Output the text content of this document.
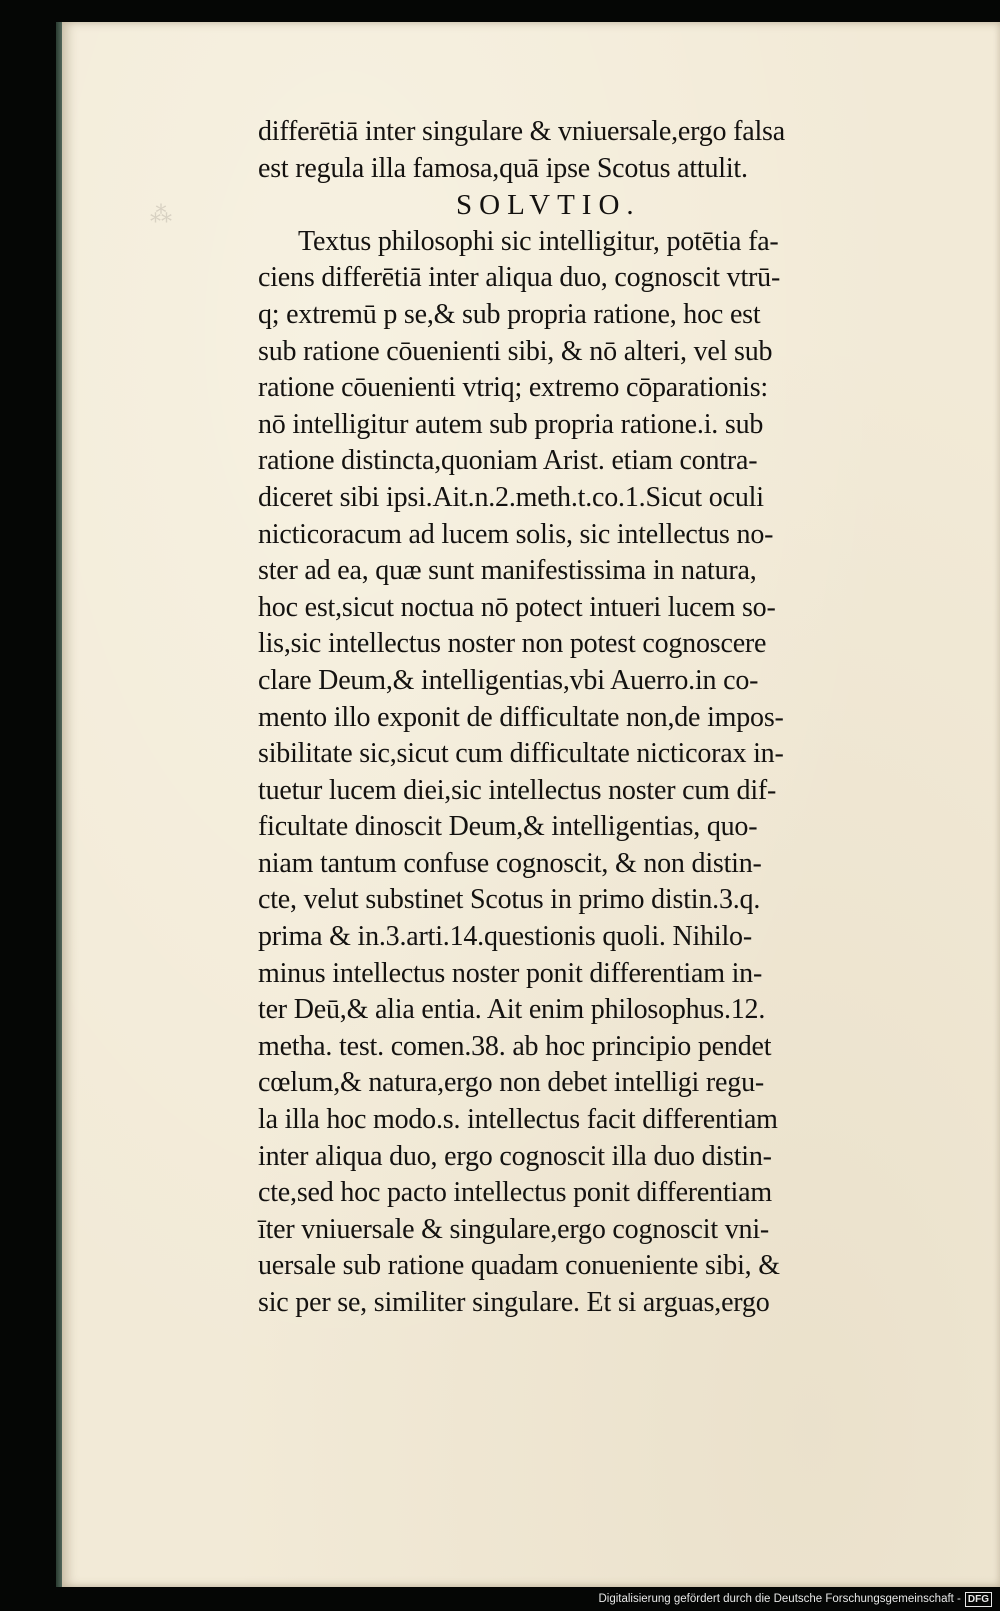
⁂
differētiā inter singulare & vniuersale,ergo falsa
est regula illa famosa,quā ipse Scotus attulit.
SOLVTIO.
Textus philosophi sic intelligitur, potētia fa-
ciens differētiā inter aliqua duo, cognoscit vtrū-
q; extremū p se,& sub propria ratione, hoc est
sub ratione cōuenienti sibi, & nō alteri, vel sub
ratione cōuenienti vtriq; extremo cōparationis:
nō intelligitur autem sub propria ratione.i. sub
ratione distincta,quoniam Arist. etiam contra-
diceret sibi ipsi.Ait.n.2.meth.t.co.1.Sicut oculi
nicticoracum ad lucem solis, sic intellectus no-
ster ad ea, quæ sunt manifestissima in natura,
hoc est,sicut noctua nō potect intueri lucem so-
lis,sic intellectus noster non potest cognoscere
clare Deum,& intelligentias,vbi Auerro.in co-
mento illo exponit de difficultate non,de impos-
sibilitate sic,sicut cum difficultate nicticorax in-
tuetur lucem diei,sic intellectus noster cum dif-
ficultate dinoscit Deum,& intelligentias, quo-
niam tantum confuse cognoscit, & non distin-
cte, velut substinet Scotus in primo distin.3.q.
prima & in.3.arti.14.questionis quoli. Nihilo-
minus intellectus noster ponit differentiam in-
ter Deū,& alia entia. Ait enim philosophus.12.
metha. test. comen.38. ab hoc principio pendet
cœlum,& natura,ergo non debet intelligi regu-
la illa hoc modo.s. intellectus facit differentiam
inter aliqua duo, ergo cognoscit illa duo distin-
cte,sed hoc pacto intellectus ponit differentiam
īter vniuersale & singulare,ergo cognoscit vni-
uersale sub ratione quadam conueniente sibi, &
sic per se, similiter singulare. Et si arguas,ergo
Digitalisierung gefördert durch die Deutsche Forschungsgemeinschaft - DFG
